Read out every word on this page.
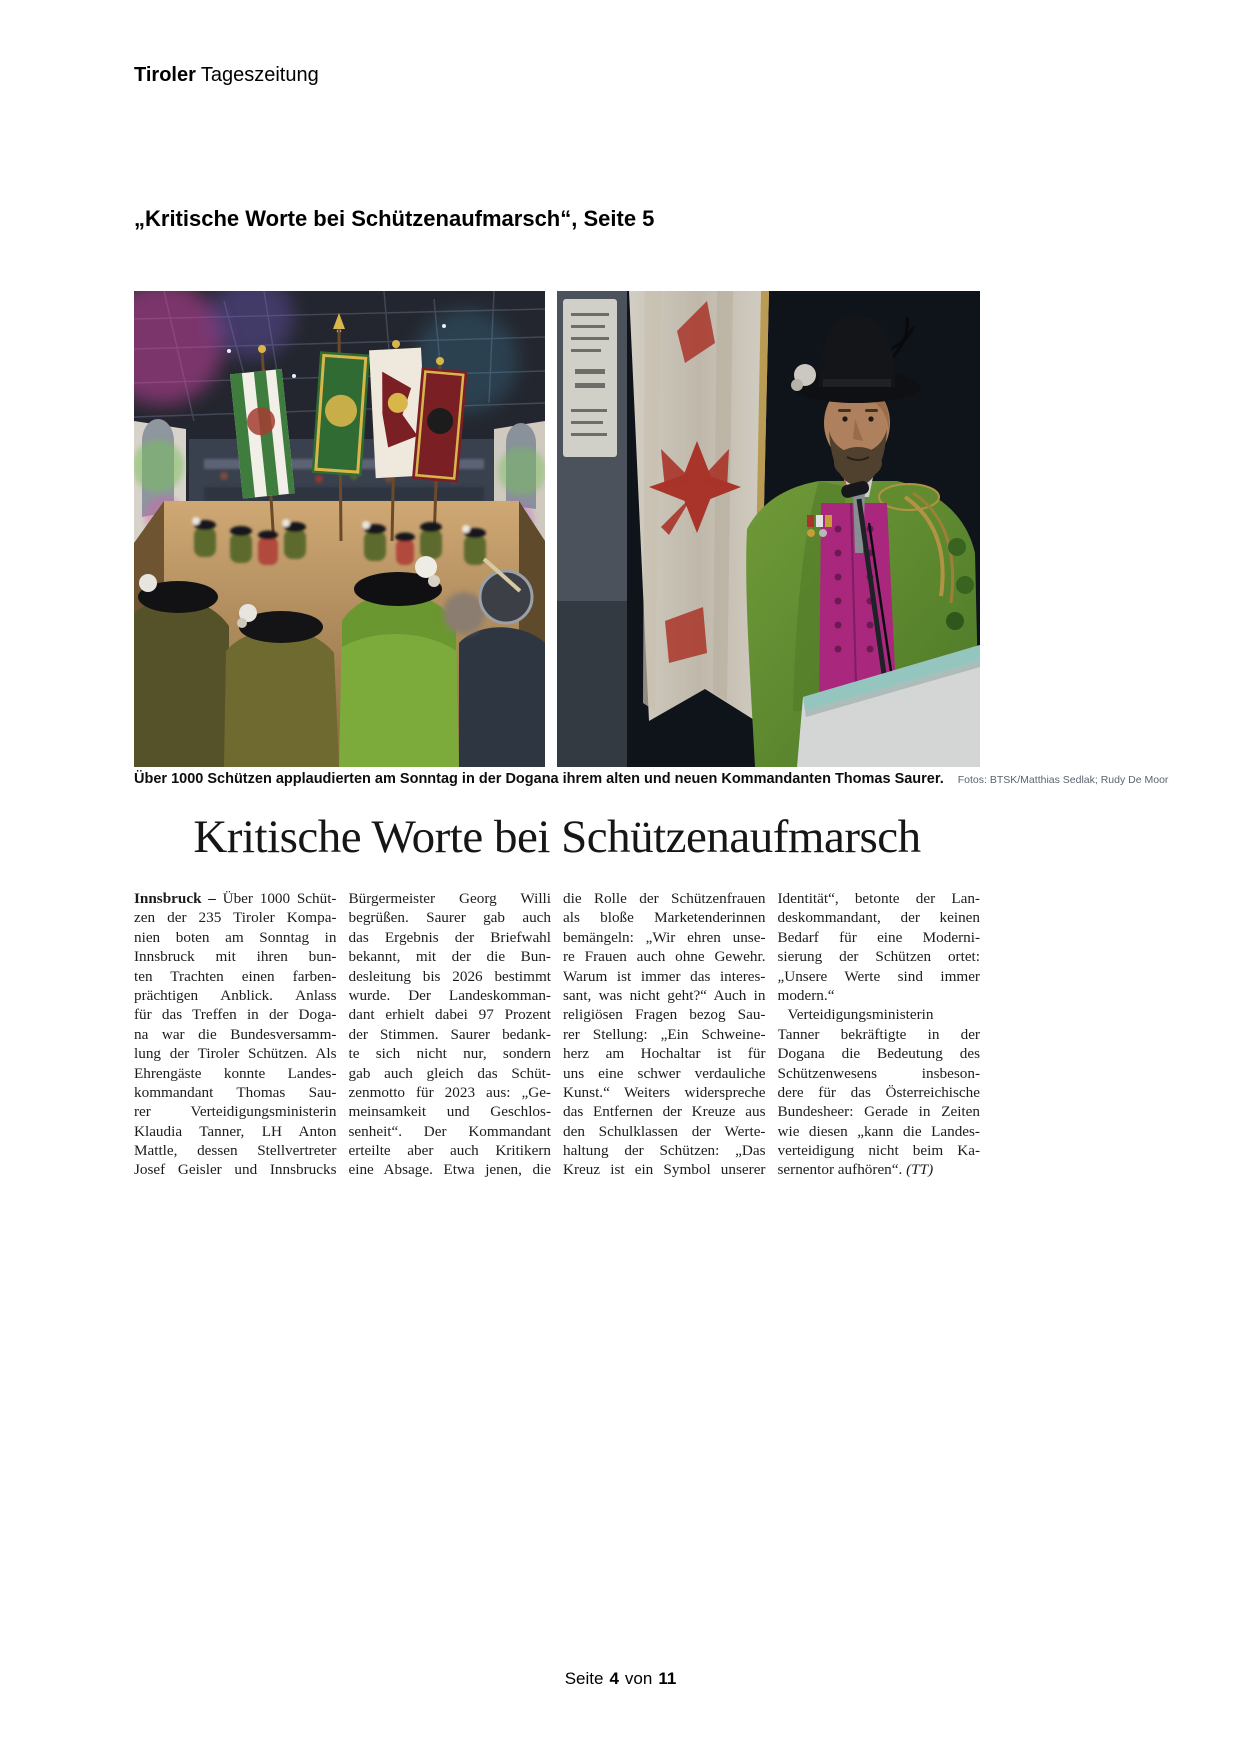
Tiroler Tageszeitung
„Kritische Worte bei Schützenaufmarsch“, Seite 5
Über 1000 Schützen applaudierten am Sonntag in der Dogana ihrem alten und neuen Kommandanten Thomas Saurer. Fotos: BTSK/Matthias Sedlak; Rudy De Moor
Kritische Worte bei Schützenaufmarsch
Innsbruck – Über 1000 Schüt-
zen der 235 Tiroler Kompa-
nien boten am Sonntag in
Innsbruck mit ihren bun-
ten Trachten einen farben-
prächtigen Anblick. Anlass
für das Treffen in der Doga-
na war die Bundesversamm-
lung der Tiroler Schützen. Als
Ehrengäste konnte Landes-
kommandant Thomas Sau-
rer Verteidigungsministerin
Klaudia Tanner, LH Anton
Mattle, dessen Stellvertreter
Josef Geisler und Innsbrucks
Bürgermeister Georg Willi
begrüßen. Saurer gab auch
das Ergebnis der Briefwahl
bekannt, mit der die Bun-
desleitung bis 2026 bestimmt
wurde. Der Landeskomman-
dant erhielt dabei 97 Prozent
der Stimmen. Saurer bedank-
te sich nicht nur, sondern
gab auch gleich das Schüt-
zenmotto für 2023 aus: „Ge-
meinsamkeit und Geschlos-
senheit“. Der Kommandant
erteilte aber auch Kritikern
eine Absage. Etwa jenen, die
die Rolle der Schützenfrauen
als bloße Marketenderinnen
bemängeln: „Wir ehren unse-
re Frauen auch ohne Gewehr.
Warum ist immer das interes-
sant, was nicht geht?“ Auch in
religiösen Fragen bezog Sau-
rer Stellung: „Ein Schweine-
herz am Hochaltar ist für
uns eine schwer verdauliche
Kunst.“ Weiters widerspreche
das Entfernen der Kreuze aus
den Schulklassen der Werte-
haltung der Schützen: „Das
Kreuz ist ein Symbol unserer
Identität“, betonte der Lan-
deskommandant, der keinen
Bedarf für eine Moderni-
sierung der Schützen ortet:
„Unsere Werte sind immer
modern.“
Verteidigungsministerin
Tanner bekräftigte in der
Dogana die Bedeutung des
Schützenwesens insbeson-
dere für das Österreichische
Bundesheer: Gerade in Zeiten
wie diesen „kann die Landes-
verteidigung nicht beim Ka-
sernentor aufhören“. (TT)
Seite 4 von 11
